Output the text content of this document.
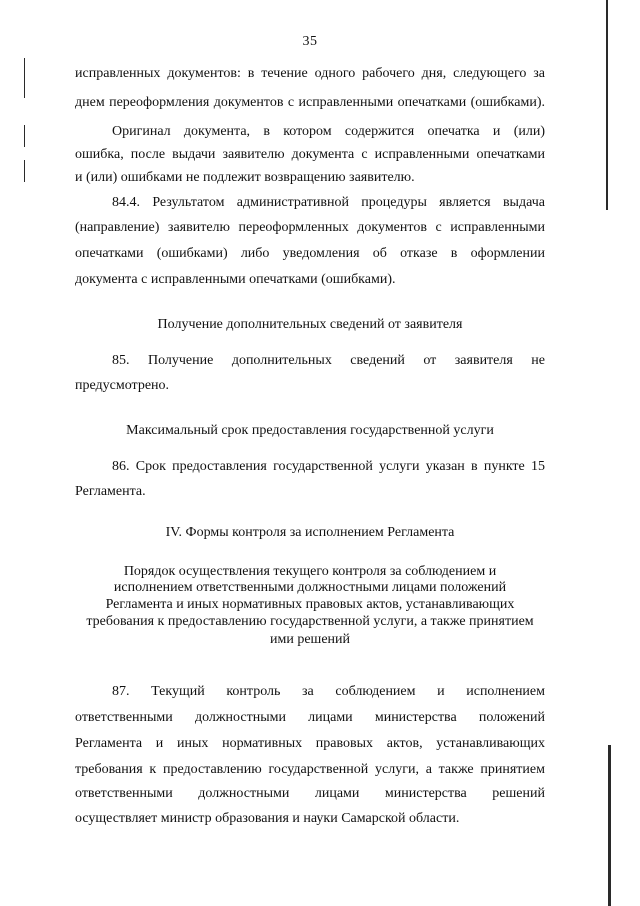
35
исправленных документов: в течение одного рабочего дня, следующего за
днем переоформления документов с исправленными опечатками (ошибками).
Оригинал документа, в котором содержится опечатка и (или)
ошибка, после выдачи заявителю документа с исправленными опечатками
и (или) ошибками не подлежит возвращению заявителю.
84.4. Результатом административной процедуры является выдача
(направление) заявителю переоформленных документов с исправленными
опечатками (ошибками) либо уведомления об отказе в оформлении
документа с исправленными опечатками (ошибками).
Получение дополнительных сведений от заявителя
85. Получение дополнительных сведений от заявителя не
предусмотрено.
Максимальный срок предоставления государственной услуги
86. Срок предоставления государственной услуги указан в пункте 15
Регламента.
IV. Формы контроля за исполнением Регламента
Порядок осуществления текущего контроля за соблюдением и
исполнением ответственными должностными лицами положений
Регламента и иных нормативных правовых актов, устанавливающих
требования к предоставлению государственной услуги, а также принятием
ими решений
87. Текущий контроль за соблюдением и исполнением
ответственными должностными лицами министерства положений
Регламента и иных нормативных правовых актов, устанавливающих
требования к предоставлению государственной услуги, а также принятием
ответственными должностными лицами министерства решений
осуществляет министр образования и науки Самарской области.
